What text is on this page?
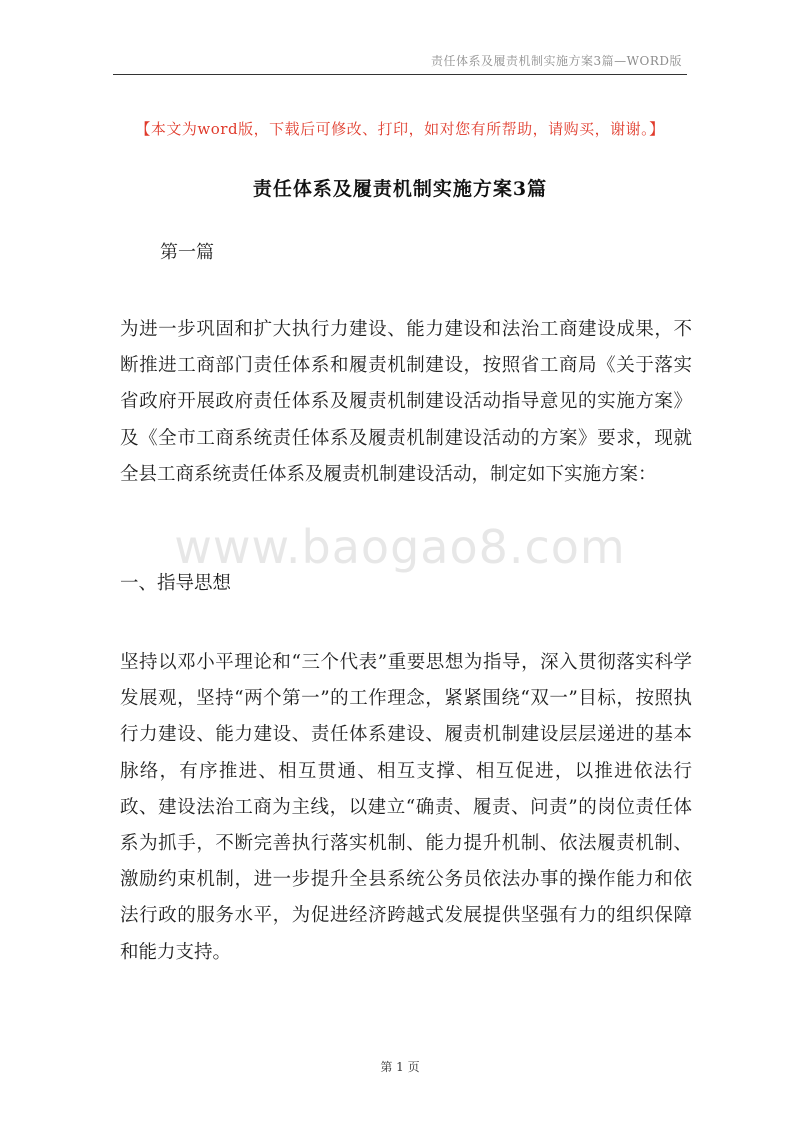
责任体系及履责机制实施方案3篇—WORD版
【本文为word版，下载后可修改、打印，如对您有所帮助，请购买，谢谢。】
责任体系及履责机制实施方案3篇
第一篇

为进一步巩固和扩大执行力建设、能力建设和法治工商建设成果，不断推进工商部门责任体系和履责机制建设，按照省工商局《关于落实省政府开展政府责任体系及履责机制建设活动指导意见的实施方案》及《全市工商系统责任体系及履责机制建设活动的方案》要求，现就全县工商系统责任体系及履责机制建设活动，制定如下实施方案：

www.baogao8.com
一、指导思想

坚持以邓小平理论和“三个代表”重要思想为指导，深入贯彻落实科学发展观，坚持“两个第一”的工作理念，紧紧围绕“双一”目标，按照执行力建设、能力建设、责任体系建设、履责机制建设层层递进的基本脉络，有序推进、相互贯通、相互支撑、相互促进，以推进依法行政、建设法治工商为主线，以建立“确责、履责、问责”的岗位责任体系为抓手，不断完善执行落实机制、能力提升机制、依法履责机制、激励约束机制，进一步提升全县系统公务员依法办事的操作能力和依法行政的服务水平，为促进经济跨越式发展提供坚强有力的组织保障和能力支持。

第 1 页
